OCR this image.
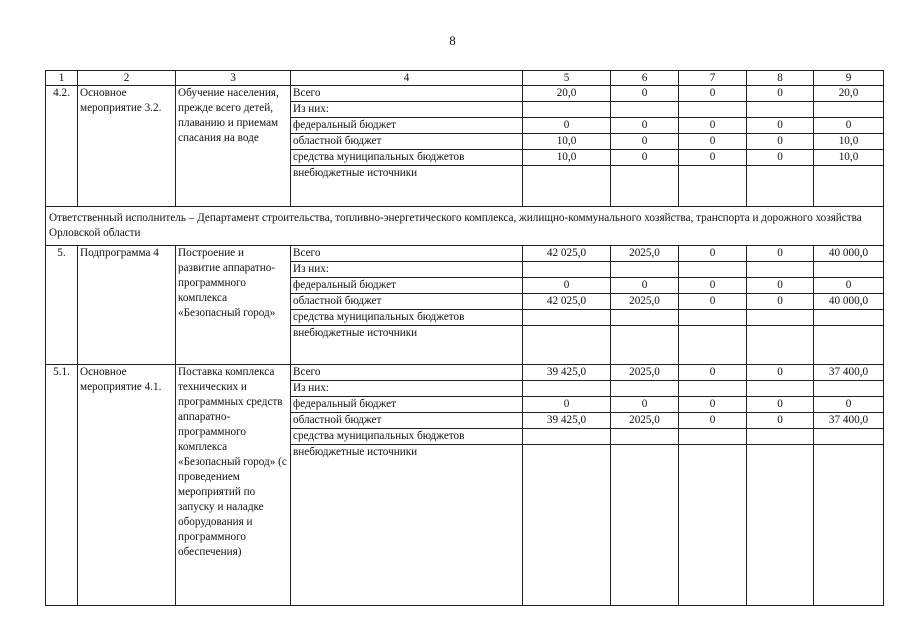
8
1	2	3	4	5	6	7	8	9
4.2.	Основное мероприятие 3.2.	Обучение населения, прежде всего детей, плаванию и приемам спасания на воде	Всего	20,0	0	0	0	20,0
			Из них:					
			федеральный бюджет	0	0	0	0	0
			областной бюджет	10,0	0	0	0	10,0
			средства муниципальных бюджетов	10,0	0	0	0	10,0
			внебюджетные источники					
Ответственный исполнитель – Департамент строительства, топливно-энергетического комплекса, жилищно-коммунального хозяйства, транспорта и дорожного хозяйства Орловской области								
5.	Подпрограмма 4	Построение и развитие аппаратно-программного комплекса «Безопасный город»	Всего	42 025,0	2025,0	0	0	40 000,0
			Из них:					
			федеральный бюджет	0	0	0	0	0
			областной бюджет	42 025,0	2025,0	0	0	40 000,0
			средства муниципальных бюджетов					
			внебюджетные источники					
5.1.	Основное мероприятие 4.1.	Поставка комплекса технических и программных средств аппаратно-программного комплекса «Безопасный город» (с проведением мероприятий по запуску и наладке оборудования и программного обеспечения)	Всего	39 425,0	2025,0	0	0	37 400,0
			Из них:					
			федеральный бюджет	0	0	0	0	0
			областной бюджет	39 425,0	2025,0	0	0	37 400,0
			средства муниципальных бюджетов					
			внебюджетные источники					
